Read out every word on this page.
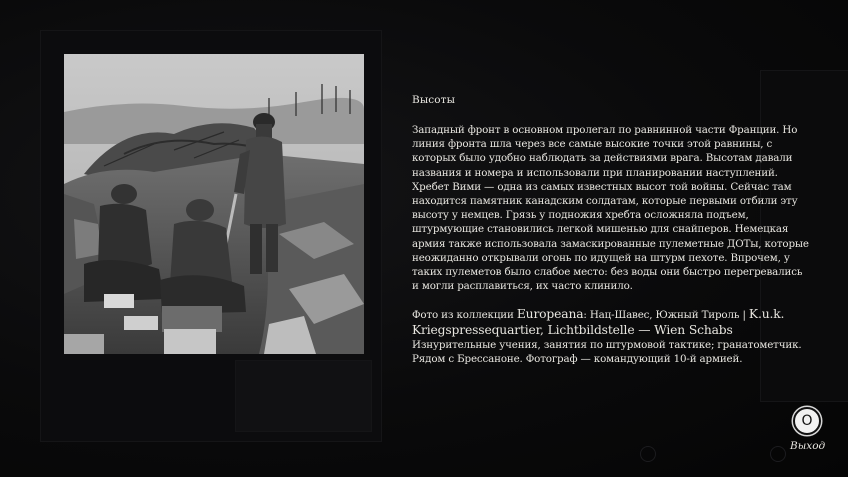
Высоты

Западный фронт в основном пролегал по равнинной части Франции. Но линия фронта шла через все самые высокие точки этой равнины, с которых было удобно наблюдать за действиями врага. Высотам давали названия и номера и использовали при планировании наступлений. Хребет Вими — одна из самых известных высот той войны. Сейчас там находится памятник канадским солдатам, которые первыми отбили эту высоту у немцев. Грязь у подножия хребта осложняла подъем, штурмующие становились легкой мишенью для снайперов. Немецкая армия также использовала замаскированные пулеметные ДОТы, которые неожиданно открывали огонь по идущей на штурм пехоте. Впрочем, у таких пулеметов было слабое место: без воды они быстро перегревались и могли расплавиться, их часто клинило.

Фото из коллекции Europeana: Нац-Шавес, Южный Тироль | K.u.k. Kriegspressequartier, Lichtbildstelle — Wien Schabs
Изнурительные учения, занятия по штурмовой тактике; гранатометчик. Рядом с Брессаноне. Фотограф — командующий 10-й армией.

O
Выход
